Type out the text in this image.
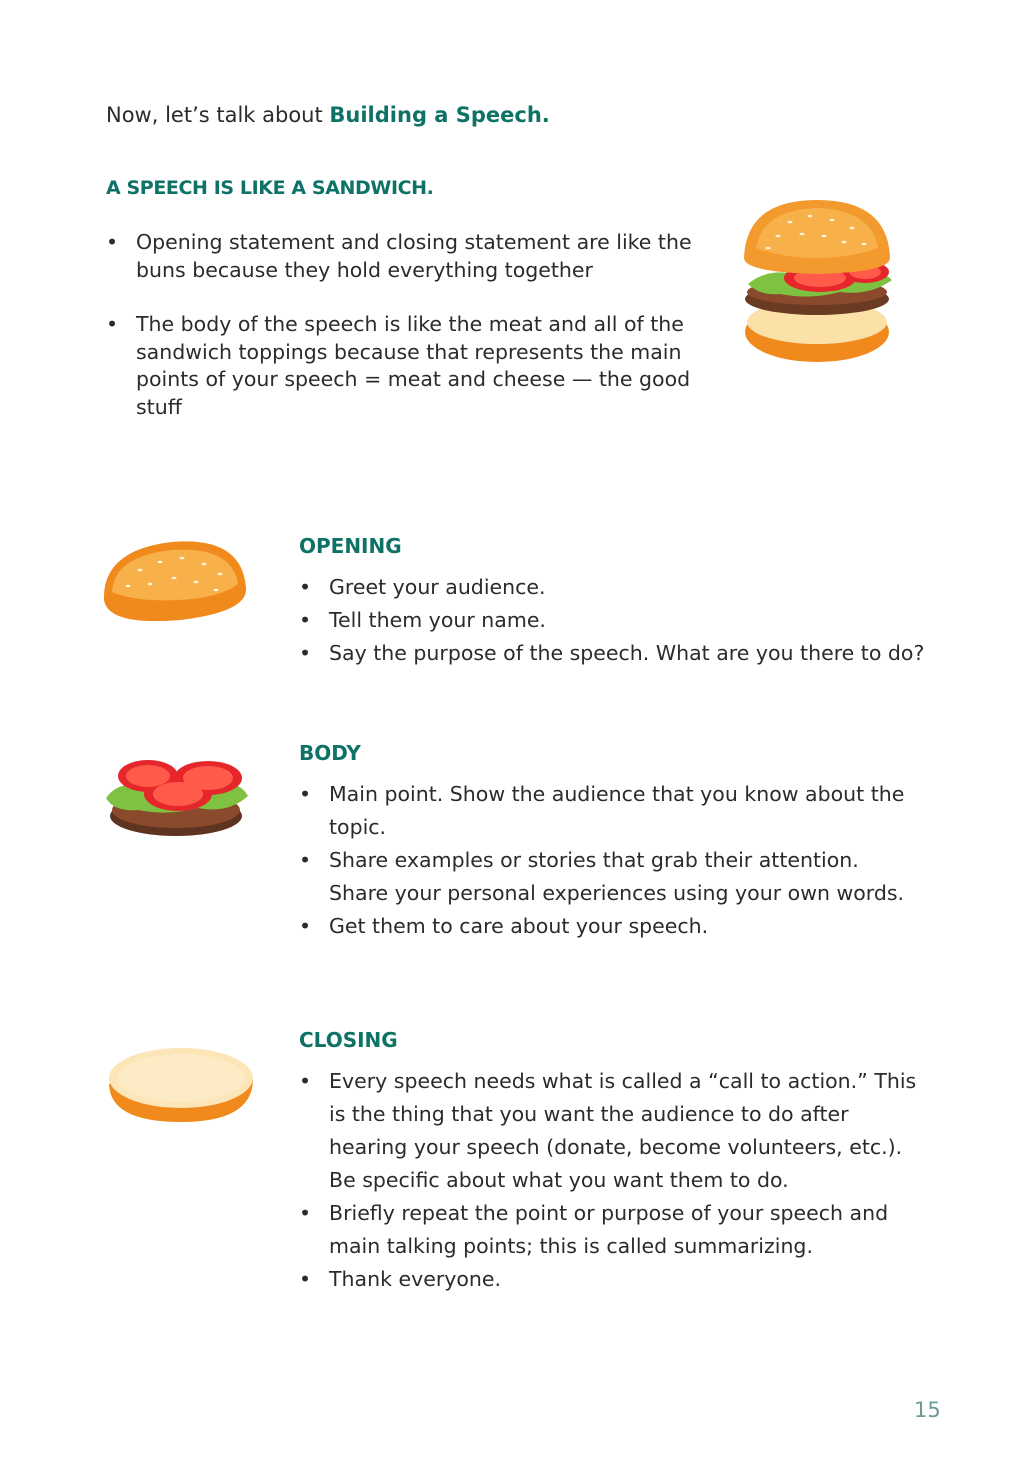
Now, let’s talk about Building a Speech.
A SPEECH IS LIKE A SANDWICH.
• Opening statement and closing statement are like the buns because they hold everything together
• The body of the speech is like the meat and all of the sandwich toppings because that represents the main points of your speech = meat and cheese — the good stuff
OPENING
• Greet your audience.
• Tell them your name.
• Say the purpose of the speech. What are you there to do?
BODY
• Main point. Show the audience that you know about the topic.
• Share examples or stories that grab their attention. Share your personal experiences using your own words.
• Get them to care about your speech.
CLOSING
• Every speech needs what is called a “call to action.” This is the thing that you want the audience to do after hearing your speech (donate, become volunteers, etc.). Be specific about what you want them to do.
• Briefly repeat the point or purpose of your speech and main talking points; this is called summarizing.
• Thank everyone.
15
